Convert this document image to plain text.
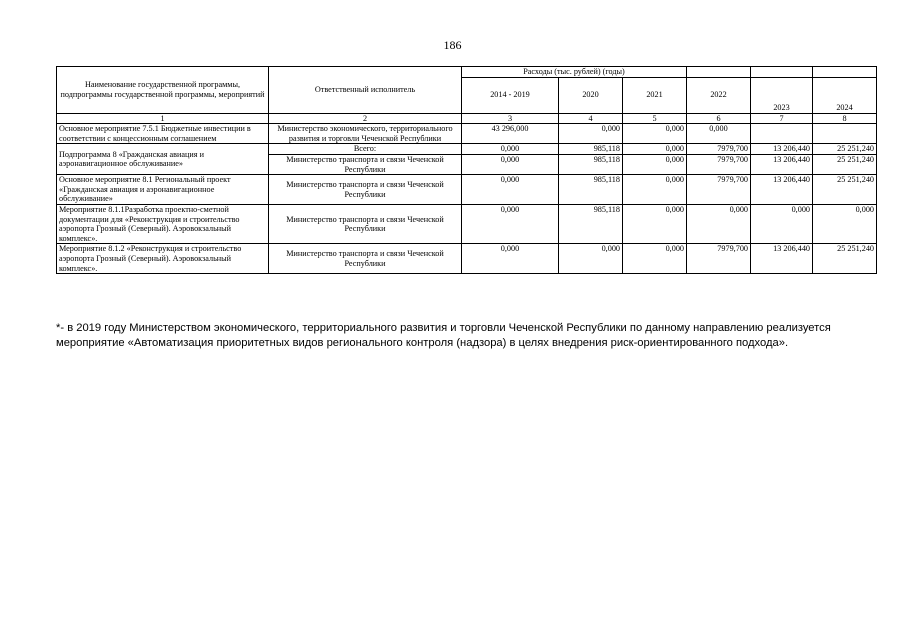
186
Наименование государственной программы, подпрограммы государственной программы, мероприятий	Ответственный исполнитель	Расходы (тыс. рублей) (годы)					
		2014 - 2019	2020	2021	2022	2023	2024
1	2	3	4	5	6	7	8
Основное мероприятие 7.5.1 Бюджетные инвестиции в соответствии с концессионным соглашением	Министерство экономического, территориального развития и торговли Чеченской Республики	43 296,000	0,000	0,000	0,000		
Подпрограмма 8 «Гражданская авиация и аэронавигационное обслуживание»	Всего:	0,000	985,118	0,000	7979,700	13 206,440	25 251,240
	Министерство транспорта и связи Чеченской Республики	0,000	985,118	0,000	7979,700	13 206,440	25 251,240
Основное мероприятие 8.1 Региональный проект «Гражданская авиация и аэронавигационное обслуживание»	Министерство транспорта и связи Чеченской Республики	0,000	985,118	0,000	7979,700	13 206,440	25 251,240
Мероприятие 8.1.1Разработка проектно-сметной документации для «Реконструкция и строительство аэропорта Грозный (Северный). Аэровокзальный комплекс».	Министерство транспорта и связи Чеченской Республики	0,000	985,118	0,000	0,000	0,000	0,000
Мероприятие 8.1.2 «Реконструкция и строительство аэропорта Грозный (Северный). Аэровокзальный комплекс».	Министерство транспорта и связи Чеченской Республики	0,000	0,000	0,000	7979,700	13 206,440	25 251,240
*- в 2019 году Министерством экономического, территориального развития и торговли Чеченской Республики по данному направлению реализуется мероприятие «Автоматизация приоритетных видов регионального контроля (надзора) в целях внедрения риск-ориентированного подхода».
